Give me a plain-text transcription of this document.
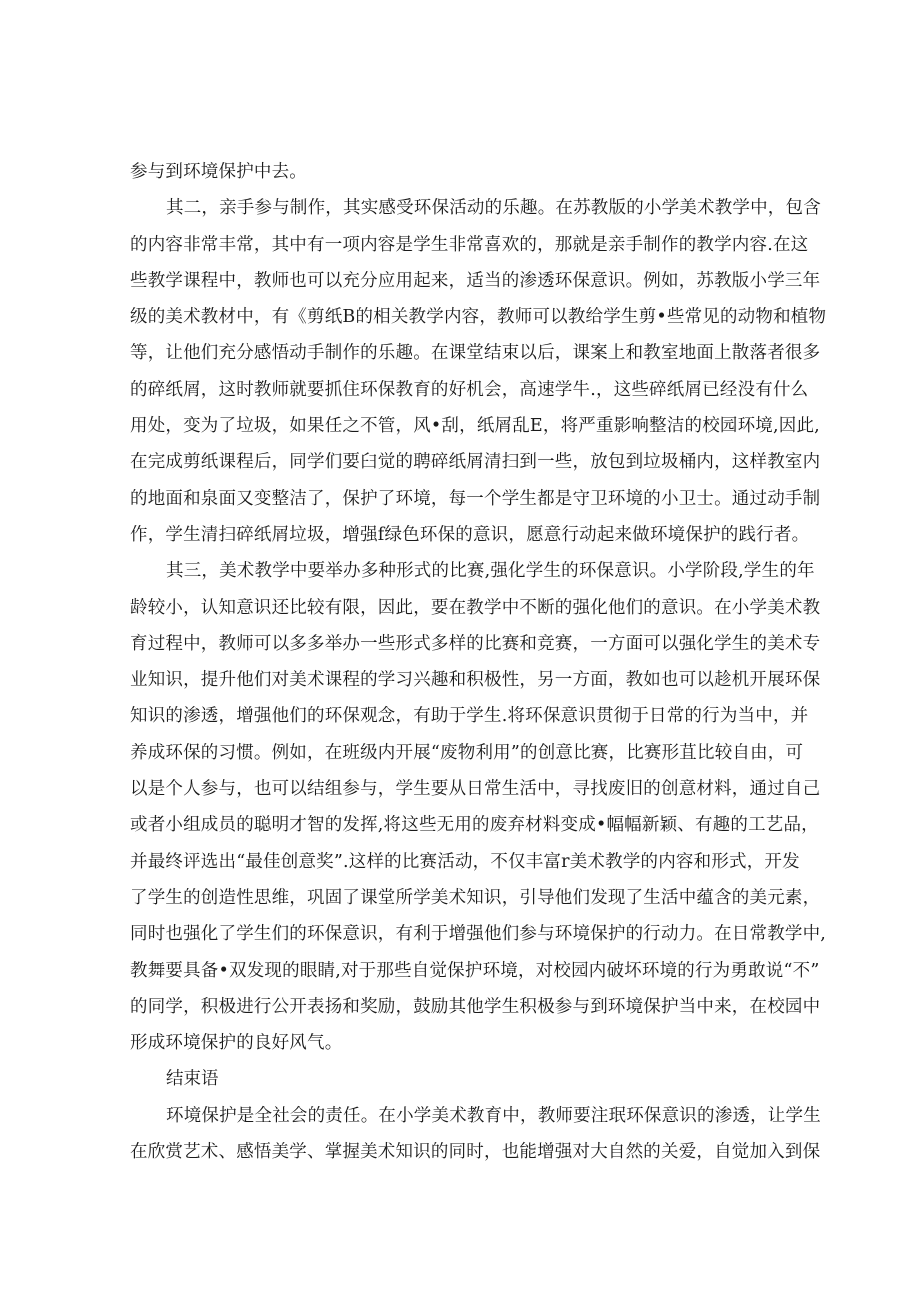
参与到环境保护中去。
其二，亲手参与制作，其实感受环保活动的乐趣。在苏教版的小学美术教学中，包含
的内容非常丰常，其中有一项内容是学生非常喜欢的，那就是亲手制作的教学内容.在这
些教学课程中，教师也可以充分应用起来，适当的渗透环保意识。例如，苏教版小学三年
级的美术教材中，有《剪纸B的相关教学内容，教师可以教给学生剪•些常见的动物和植物
等，让他们充分感悟动手制作的乐趣。在课堂结束以后，课案上和教室地面上散落者很多
的碎纸屑，这时教师就要抓住环保教育的好机会，高速学牛.，这些碎纸屑已经没有什么
用处，变为了垃圾，如果任之不管，风•刮，纸屑乱E，将严重影响整洁的校园环境,因此,
在完成剪纸课程后，同学们要臼觉的聘碎纸屑清扫到一些，放包到垃圾桶内，这样教室内
的地面和泉面又变整洁了，保护了环境，每一个学生都是守卫环境的小卫士。通过动手制
作，学生清扫碎纸屑垃圾，增强f绿色环保的意识，愿意行动起来做环境保护的践行者。
其三，美术教学中要举办多种形式的比赛,强化学生的环保意识。小学阶段,学生的年
龄较小，认知意识还比较有限，因此，要在教学中不断的强化他们的意识。在小学美术教
育过程中，教师可以多多举办一些形式多样的比赛和竞赛，一方面可以强化学生的美术专
业知识，提升他们对美术课程的学习兴趣和积极性，另一方面，教如也可以趁机开展环保
知识的渗透，增强他们的环保观念，有助于学生.将环保意识贯彻于日常的行为当中，并
养成环保的习惯。例如，在班级内开展“废物利用”的创意比赛，比赛形苴比较自由，可
以是个人参与，也可以结组参与，学生要从日常生活中，寻找废旧的创意材料，通过自己
或者小组成员的聪明才智的发挥,将这些无用的废弃材料变成•幅幅新颖、有趣的工艺品，
并最终评选出“最佳创意奖”.这样的比赛活动，不仅丰富r美术教学的内容和形式，开发
了学生的创造性思维，巩固了课堂所学美术知识，引导他们发现了生活中蕴含的美元素，
同时也强化了学生们的环保意识，有利于增强他们参与环境保护的行动力。在日常教学中,
教舞要具备•双发现的眼睛,对于那些自觉保护环境，对校园内破坏环境的行为勇敢说“不”
的同学，积极进行公开表扬和奖励，鼓励其他学生积极参与到环境保护当中来，在校园中
形成环境保护的良好风气。
结束语
环境保护是全社会的责任。在小学美术教育中，教师要注珉环保意识的渗透，让学生
在欣赏艺术、感悟美学、掌握美术知识的同时，也能增强对大自然的关爱，自觉加入到保
